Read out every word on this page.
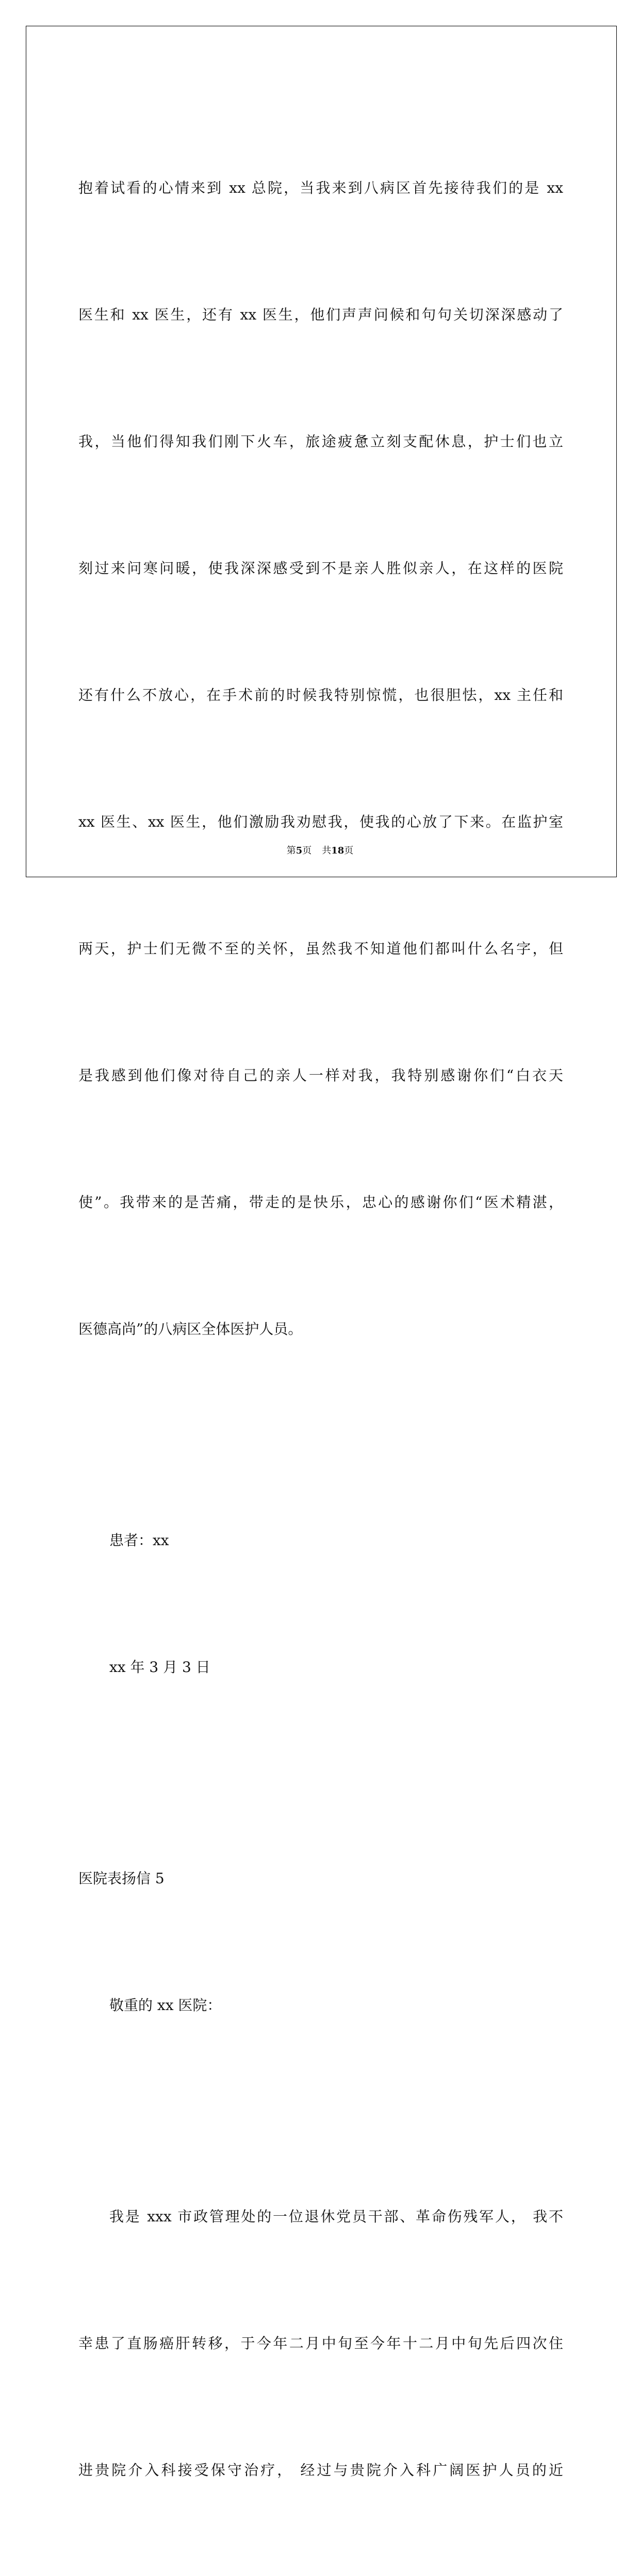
抱着试看的心情来到 xx 总院，当我来到八病区首先接待我们的是 xx

医生和 xx 医生，还有 xx 医生，他们声声问候和句句关切深深感动了

我，当他们得知我们刚下火车，旅途疲惫立刻支配休息，护士们也立

刻过来问寒问暖，使我深深感受到不是亲人胜似亲人，在这样的医院

还有什么不放心，在手术前的时候我特别惊慌，也很胆怯，xx 主任和

xx 医生、xx 医生，他们激励我劝慰我，使我的心放了下来。在监护室

两天，护士们无微不至的关怀，虽然我不知道他们都叫什么名字，但

是我感到他们像对待自己的亲人一样对我，我特别感谢你们“白衣天

使”。我带来的是苦痛，带走的是快乐，忠心的感谢你们“医术精湛，

医德高尚”的八病区全体医护人员。

患者：xx

xx 年 3 月 3 日

医院表扬信 5

敬重的 xx 医院：

我是 xxx 市政管理处的一位退休党员干部、革命伤残军人， 我不

幸患了直肠癌肝转移，于今年二月中旬至今年十二月中旬先后四次住

进贵院介入科接受保守治疗， 经过与贵院介入科广阔医护人员的近

第5页 共18页
